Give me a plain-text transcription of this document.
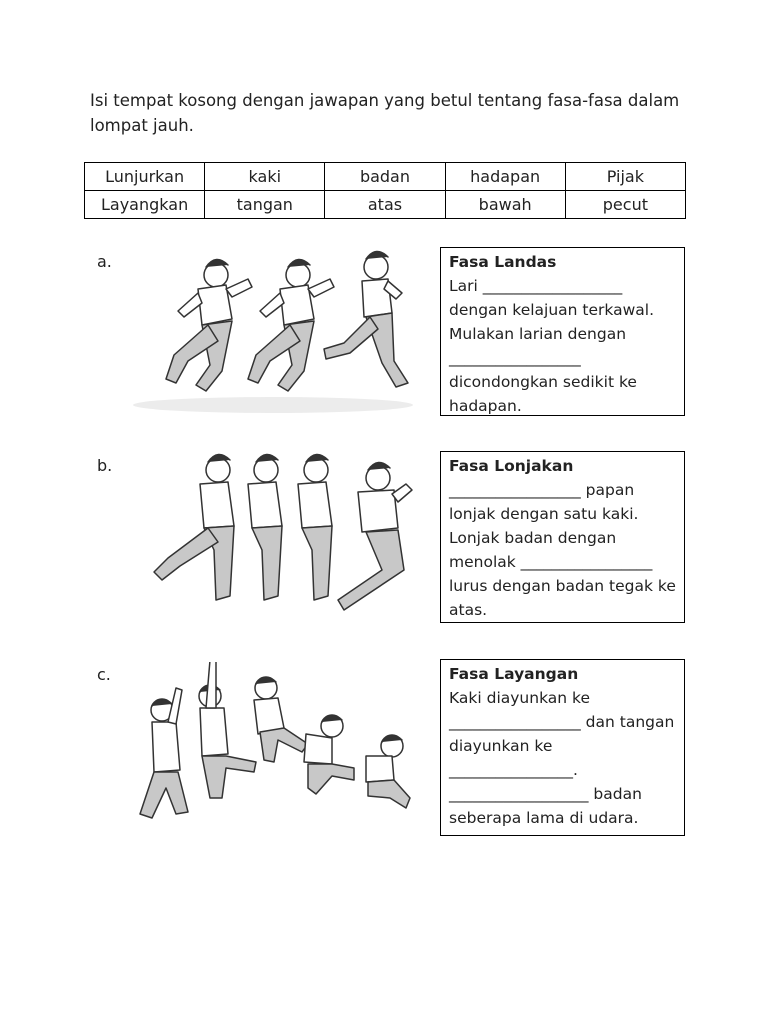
Isi tempat kosong dengan jawapan yang betul tentang fasa-fasa dalam lompat jauh.

Lunjurkan	kaki	badan	hadapan	Pijak
Layangkan	tangan	atas	bawah	pecut
a.	Fasa Landas
Lari __________________ dengan kelajuan terkawal. Mulakan larian dengan _________________ dicondongkan sedikit ke hadapan.
b.	Fasa Lonjakan
_________________ papan lonjak dengan satu kaki. Lonjak badan dengan menolak _________________ lurus dengan badan tegak ke atas.
c.	Fasa Layangan
Kaki diayunkan ke _________________ dan tangan diayunkan ke ________________. __________________ badan seberapa lama di udara.
